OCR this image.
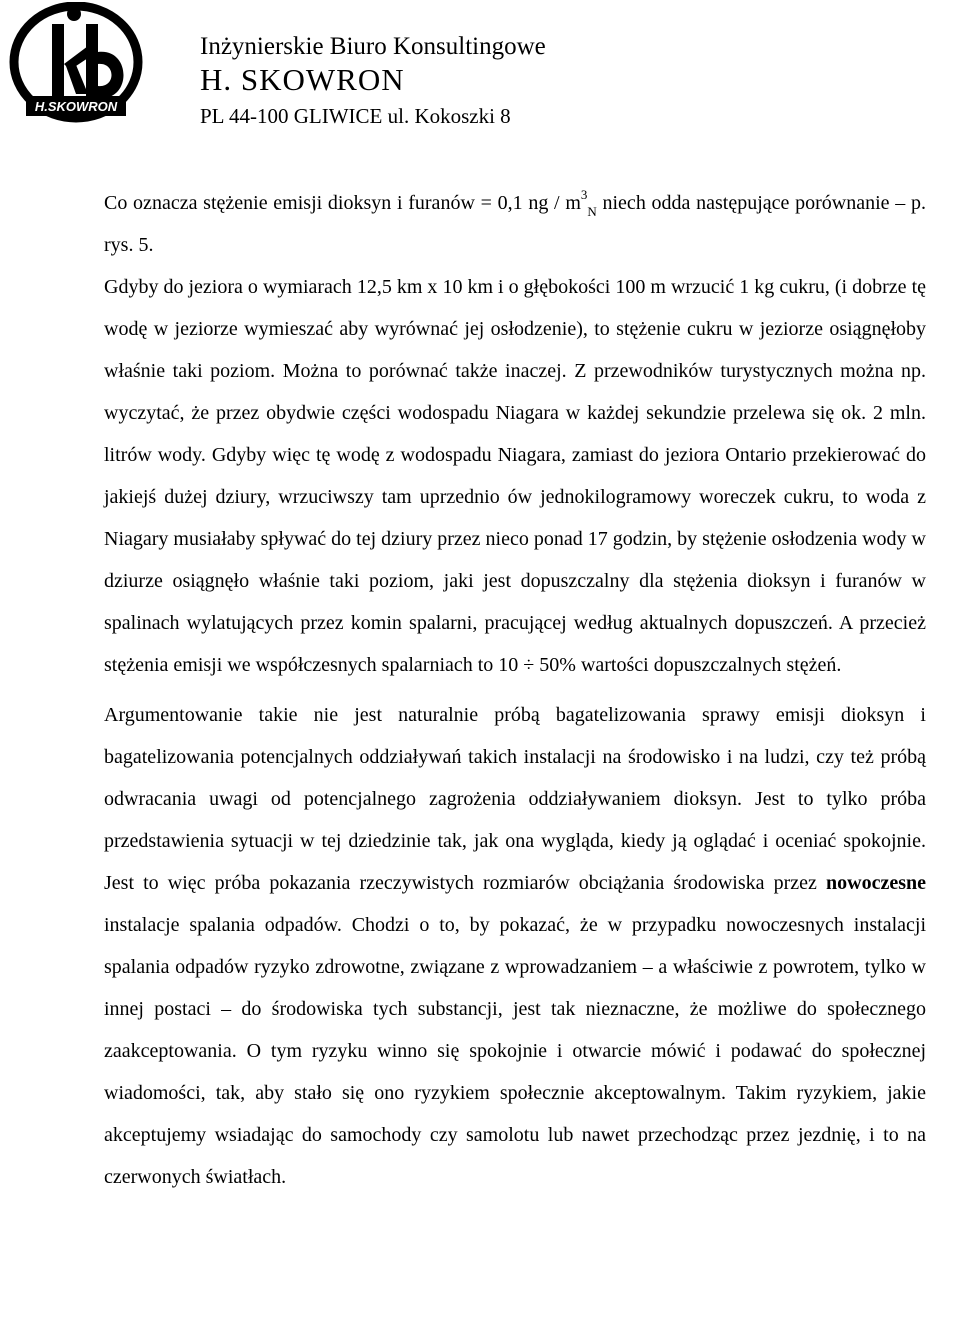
H.SKOWRON
Inżynierskie Biuro Konsultingowe
H. SKOWRON
PL 44-100 GLIWICE ul. Kokoszki 8

Co oznacza stężenie emisji dioksyn i furanów = 0,1 ng / $m^3_N$ niech odda następujące porównanie – p. rys. 5.

Gdyby do jeziora o wymiarach 12,5 km x 10 km i o głębokości 100 m wrzucić 1 kg cukru, (i dobrze tę wodę w jeziorze wymieszać aby wyrównać jej osłodzenie), to stężenie cukru w jeziorze osiągnęłoby właśnie taki poziom. Można to porównać także inaczej. Z przewodników turystycznych można np. wyczytać, że przez obydwie części wodospadu Niagara w każdej sekundzie przelewa się ok. 2 mln. litrów wody. Gdyby więc tę wodę z wodospadu Niagara, zamiast do jeziora Ontario przekierować do jakiejś dużej dziury, wrzuciwszy tam uprzednio ów jednokilogramowy woreczek cukru, to woda z Niagary musiałaby spływać do tej dziury przez nieco ponad 17 godzin, by stężenie osłodzenia wody w dziurze osiągnęło właśnie taki poziom, jaki jest dopuszczalny dla stężenia dioksyn i furanów w spalinach wylatujących przez komin spalarni, pracującej według aktualnych dopuszczeń. A przecież stężenia emisji we współczesnych spalarniach to 10 ÷ 50% wartości dopuszczalnych stężeń.

Argumentowanie takie nie jest naturalnie próbą bagatelizowania sprawy emisji dioksyn i bagatelizowania potencjalnych oddziaływań takich instalacji na środowisko i na ludzi, czy też próbą odwracania uwagi od potencjalnego zagrożenia oddziaływaniem dioksyn. Jest to tylko próba przedstawienia sytuacji w tej dziedzinie tak, jak ona wygląda, kiedy ją oglądać i oceniać spokojnie. Jest to więc próba pokazania rzeczywistych rozmiarów obciążania środowiska przez nowoczesne instalacje spalania odpadów. Chodzi o to, by pokazać, że w przypadku nowoczesnych instalacji spalania odpadów ryzyko zdrowotne, związane z wprowadzaniem – a właściwie z powrotem, tylko w innej postaci – do środowiska tych substancji, jest tak nieznaczne, że możliwe do społecznego zaakceptowania. O tym ryzyku winno się spokojnie i otwarcie mówić i podawać do społecznej wiadomości, tak, aby stało się ono ryzykiem społecznie akceptowalnym. Takim ryzykiem, jakie akceptujemy wsiadając do samochody czy samolotu lub nawet przechodząc przez jezdnię, i to na czerwonych światłach.
